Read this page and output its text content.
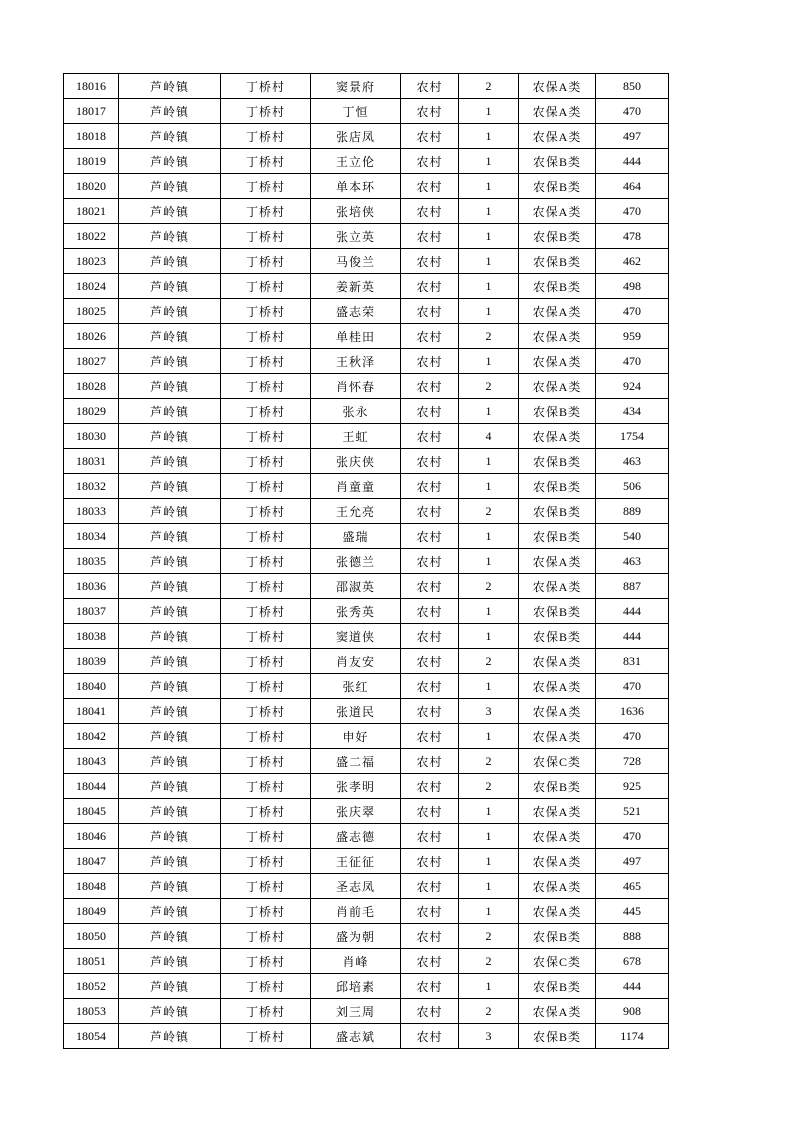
18016	芦岭镇	丁桥村	窦景府	农村	2	农保A类	850
18017	芦岭镇	丁桥村	丁恒	农村	1	农保A类	470
18018	芦岭镇	丁桥村	张店凤	农村	1	农保A类	497
18019	芦岭镇	丁桥村	王立伦	农村	1	农保B类	444
18020	芦岭镇	丁桥村	单本环	农村	1	农保B类	464
18021	芦岭镇	丁桥村	张培侠	农村	1	农保A类	470
18022	芦岭镇	丁桥村	张立英	农村	1	农保B类	478
18023	芦岭镇	丁桥村	马俊兰	农村	1	农保B类	462
18024	芦岭镇	丁桥村	姜新英	农村	1	农保B类	498
18025	芦岭镇	丁桥村	盛志荣	农村	1	农保A类	470
18026	芦岭镇	丁桥村	单桂田	农村	2	农保A类	959
18027	芦岭镇	丁桥村	王秋泽	农村	1	农保A类	470
18028	芦岭镇	丁桥村	肖怀春	农村	2	农保A类	924
18029	芦岭镇	丁桥村	张永	农村	1	农保B类	434
18030	芦岭镇	丁桥村	王虹	农村	4	农保A类	1754
18031	芦岭镇	丁桥村	张庆侠	农村	1	农保B类	463
18032	芦岭镇	丁桥村	肖童童	农村	1	农保B类	506
18033	芦岭镇	丁桥村	王允亮	农村	2	农保B类	889
18034	芦岭镇	丁桥村	盛瑞	农村	1	农保B类	540
18035	芦岭镇	丁桥村	张德兰	农村	1	农保A类	463
18036	芦岭镇	丁桥村	邵淑英	农村	2	农保A类	887
18037	芦岭镇	丁桥村	张秀英	农村	1	农保B类	444
18038	芦岭镇	丁桥村	窦道侠	农村	1	农保B类	444
18039	芦岭镇	丁桥村	肖友安	农村	2	农保A类	831
18040	芦岭镇	丁桥村	张红	农村	1	农保A类	470
18041	芦岭镇	丁桥村	张道民	农村	3	农保A类	1636
18042	芦岭镇	丁桥村	申好	农村	1	农保A类	470
18043	芦岭镇	丁桥村	盛二福	农村	2	农保C类	728
18044	芦岭镇	丁桥村	张孝明	农村	2	农保B类	925
18045	芦岭镇	丁桥村	张庆翠	农村	1	农保A类	521
18046	芦岭镇	丁桥村	盛志德	农村	1	农保A类	470
18047	芦岭镇	丁桥村	王征征	农村	1	农保A类	497
18048	芦岭镇	丁桥村	圣志凤	农村	1	农保A类	465
18049	芦岭镇	丁桥村	肖前毛	农村	1	农保A类	445
18050	芦岭镇	丁桥村	盛为朝	农村	2	农保B类	888
18051	芦岭镇	丁桥村	肖峰	农村	2	农保C类	678
18052	芦岭镇	丁桥村	邱培素	农村	1	农保B类	444
18053	芦岭镇	丁桥村	刘三周	农村	2	农保A类	908
18054	芦岭镇	丁桥村	盛志斌	农村	3	农保B类	1174
